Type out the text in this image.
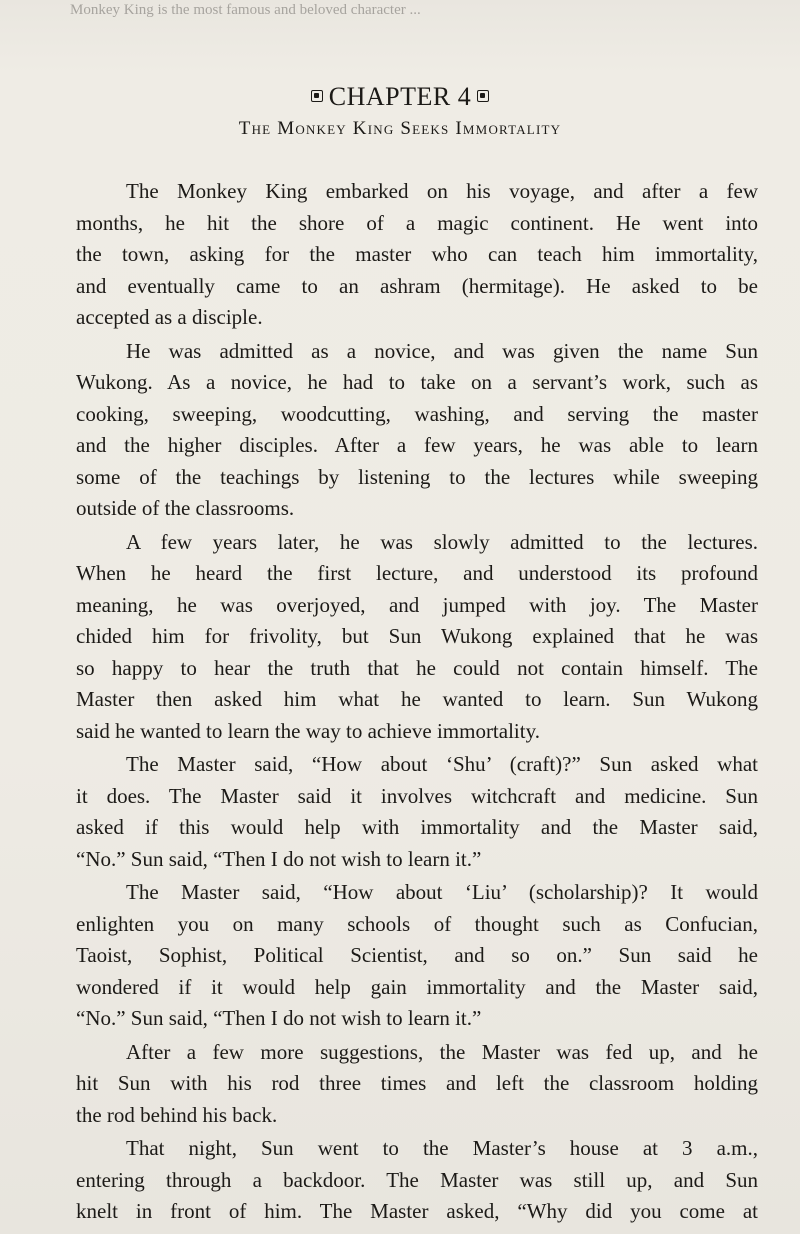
Monkey King is the most famous and beloved character ...
CHAPTER 4
The Monkey King Seeks Immortality
The Monkey King embarked on his voyage, and after a few
months, he hit the shore of a magic continent. He went into
the town, asking for the master who can teach him immortality,
and eventually came to an ashram (hermitage). He asked to be
accepted as a disciple.
He was admitted as a novice, and was given the name Sun
Wukong. As a novice, he had to take on a servant’s work, such as
cooking, sweeping, woodcutting, washing, and serving the master
and the higher disciples. After a few years, he was able to learn
some of the teachings by listening to the lectures while sweeping
outside of the classrooms.
A few years later, he was slowly admitted to the lectures.
When he heard the first lecture, and understood its profound
meaning, he was overjoyed, and jumped with joy. The Master
chided him for frivolity, but Sun Wukong explained that he was
so happy to hear the truth that he could not contain himself. The
Master then asked him what he wanted to learn. Sun Wukong
said he wanted to learn the way to achieve immortality.
The Master said, “How about ‘Shu’ (craft)?” Sun asked what
it does. The Master said it involves witchcraft and medicine. Sun
asked if this would help with immortality and the Master said,
“No.” Sun said, “Then I do not wish to learn it.”
The Master said, “How about ‘Liu’ (scholarship)? It would
enlighten you on many schools of thought such as Confucian,
Taoist, Sophist, Political Scientist, and so on.” Sun said he
wondered if it would help gain immortality and the Master said,
“No.” Sun said, “Then I do not wish to learn it.”
After a few more suggestions, the Master was fed up, and he
hit Sun with his rod three times and left the classroom holding
the rod behind his back.
That night, Sun went to the Master’s house at 3 a.m.,
entering through a backdoor. The Master was still up, and Sun
knelt in front of him. The Master asked, “Why did you come at
